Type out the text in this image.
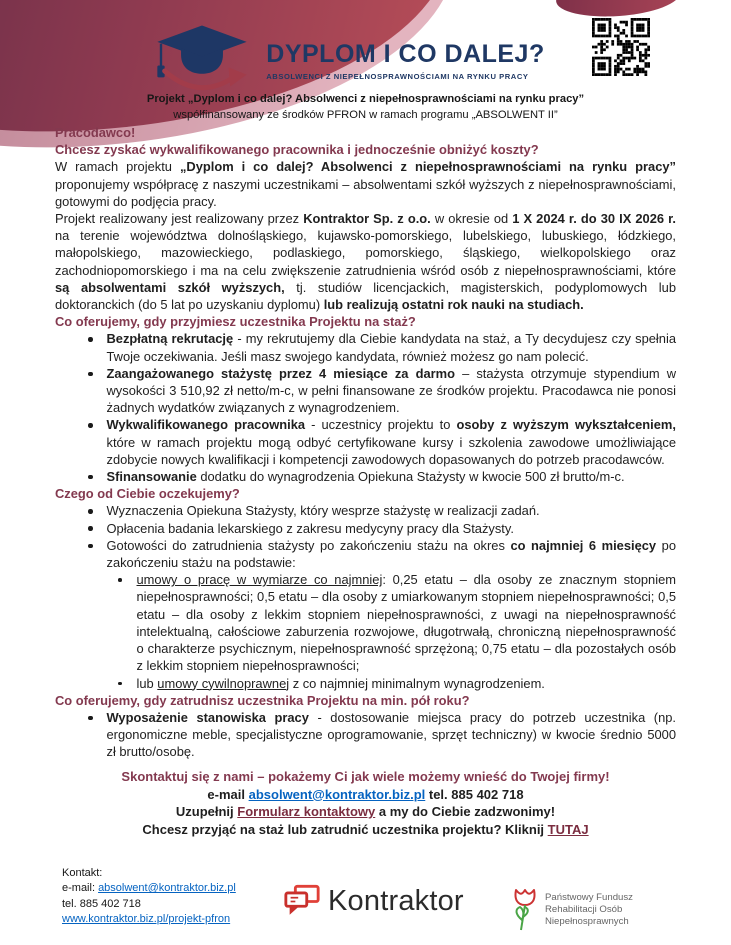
DYPLOM I CO DALEJ?
ABSOLWENCI Z NIEPEŁNOSPRAWNOŚCIAMI NA RYNKU PRACY
Projekt „Dyplom i co dalej? Absolwenci z niepełnosprawnościami na rynku pracy”
współfinansowany ze środków PFRON w ramach programu „ABSOLWENT II”
Pracodawco!
Chcesz zyskać wykwalifikowanego pracownika i jednocześnie obniżyć koszty?
W ramach projektu „Dyplom i co dalej? Absolwenci z niepełnosprawnościami na rynku pracy” proponujemy współpracę z naszymi uczestnikami – absolwentami szkół wyższych z niepełnosprawnościami, gotowymi do podjęcia pracy.
Projekt realizowany jest realizowany przez Kontraktor Sp. z o.o. w okresie od 1 X 2024 r. do 30 IX 2026 r. na terenie województwa dolnośląskiego, kujawsko-pomorskiego, lubelskiego, lubuskiego, łódzkiego, małopolskiego, mazowieckiego, podlaskiego, pomorskiego, śląskiego, wielkopolskiego oraz zachodniopomorskiego i ma na celu zwiększenie zatrudnienia wśród osób z niepełnosprawnościami, które są absolwentami szkół wyższych, tj. studiów licencjackich, magisterskich, podyplomowych lub doktoranckich (do 5 lat po uzyskaniu dyplomu) lub realizują ostatni rok nauki na studiach.
Co oferujemy, gdy przyjmiesz uczestnika Projektu na staż?
Bezpłatną rekrutację - my rekrutujemy dla Ciebie kandydata na staż, a Ty decydujesz czy spełnia Twoje oczekiwania. Jeśli masz swojego kandydata, również możesz go nam polecić.
Zaangażowanego stażystę przez 4 miesiące za darmo – stażysta otrzymuje stypendium w wysokości 3 510,92 zł netto/m-c, w pełni finansowane ze środków projektu. Pracodawca nie ponosi żadnych wydatków związanych z wynagrodzeniem.
Wykwalifikowanego pracownika - uczestnicy projektu to osoby z wyższym wykształceniem, które w ramach projektu mogą odbyć certyfikowane kursy i szkolenia zawodowe umożliwiające zdobycie nowych kwalifikacji i kompetencji zawodowych dopasowanych do potrzeb pracodawców.
Sfinansowanie dodatku do wynagrodzenia Opiekuna Stażysty w kwocie 500 zł brutto/m-c.
Czego od Ciebie oczekujemy?
Wyznaczenia Opiekuna Stażysty, który wesprze stażystę w realizacji zadań.
Opłacenia badania lekarskiego z zakresu medycyny pracy dla Stażysty.
Gotowości do zatrudnienia stażysty po zakończeniu stażu na okres co najmniej 6 miesięcy po zakończeniu stażu na podstawie:
umowy o pracę w wymiarze co najmniej: 0,25 etatu – dla osoby ze znacznym stopniem niepełnosprawności; 0,5 etatu – dla osoby z umiarkowanym stopniem niepełnosprawności; 0,5 etatu – dla osoby z lekkim stopniem niepełnosprawności, z uwagi na niepełnosprawność intelektualną, całościowe zaburzenia rozwojowe, długotrwałą, chroniczną niepełnosprawność o charakterze psychicznym, niepełnosprawność sprzężoną; 0,75 etatu – dla pozostałych osób z lekkim stopniem niepełnosprawności;
lub umowy cywilnoprawnej z co najmniej minimalnym wynagrodzeniem.
Co oferujemy, gdy zatrudnisz uczestnika Projektu na min. pół roku?
Wyposażenie stanowiska pracy - dostosowanie miejsca pracy do potrzeb uczestnika (np. ergonomiczne meble, specjalistyczne oprogramowanie, sprzęt techniczny) w kwocie średnio 5000 zł brutto/osobę.
Skontaktuj się z nami – pokażemy Ci jak wiele możemy wnieść do Twojej firmy!
e-mail absolwent@kontraktor.biz.pl tel. 885 402 718
Uzupełnij Formularz kontaktowy a my do Ciebie zadzwonimy!
Chcesz przyjąć na staż lub zatrudnić uczestnika projektu? Kliknij TUTAJ
Kontakt:
e-mail: absolwent@kontraktor.biz.pl
tel. 885 402 718
www.kontraktor.biz.pl/projekt-pfron
Kontraktor	Państwowy Fundusz
Rehabilitacji Osób
Niepełnosprawnych
